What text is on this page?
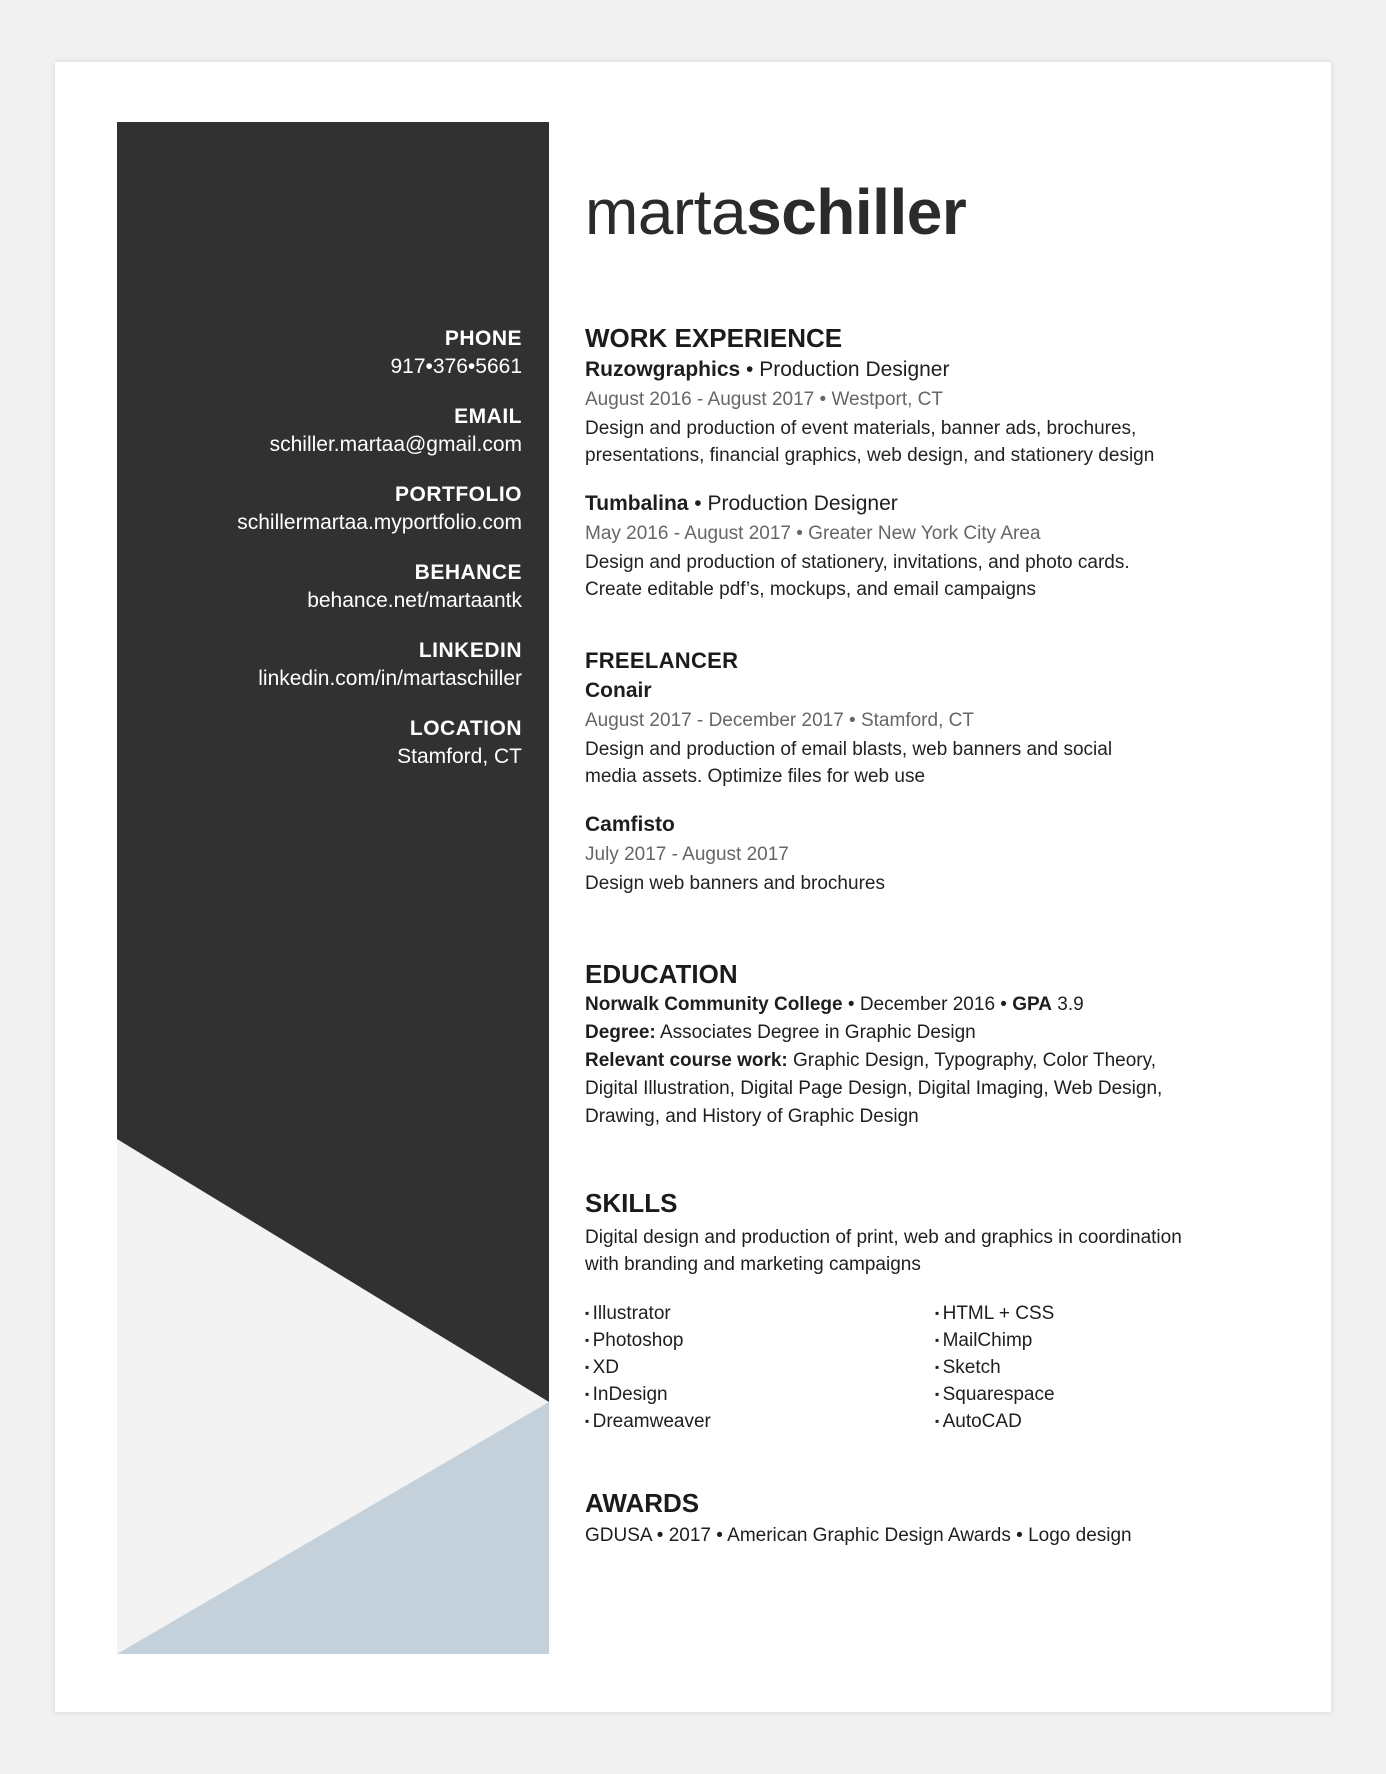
PHONE
917•376•5661
EMAIL
schiller.martaa@gmail.com
PORTFOLIO
schillermartaa.myportfolio.com
BEHANCE
behance.net/martaantk
LINKEDIN
linkedin.com/in/martaschiller
LOCATION
Stamford, CT
martaschiller
WORK EXPERIENCE
Ruzowgraphics • Production Designer
August 2016 - August 2017 • Westport, CT
Design and production of event materials, banner ads, brochures,
presentations, financial graphics, web design, and stationery design
Tumbalina • Production Designer
May 2016 - August 2017 • Greater New York City Area
Design and production of stationery, invitations, and photo cards.
Create editable pdf’s, mockups, and email campaigns
FREELANCER
Conair
August 2017 - December 2017 • Stamford, CT
Design and production of email blasts, web banners and social
media assets. Optimize files for web use
Camfisto
July 2017 - August 2017
Design web banners and brochures
EDUCATION
Norwalk Community College • December 2016 • GPA 3.9
Degree: Associates Degree in Graphic Design
Relevant course work: Graphic Design, Typography, Color Theory,
Digital Illustration, Digital Page Design, Digital Imaging, Web Design,
Drawing, and History of Graphic Design
SKILLS
Digital design and production of print, web and graphics in coordination
with branding and marketing campaigns
▪ Illustrator
▪ Photoshop
▪ XD
▪ InDesign
▪ Dreamweaver
▪ HTML + CSS
▪ MailChimp
▪ Sketch
▪ Squarespace
▪ AutoCAD
AWARDS
GDUSA • 2017 • American Graphic Design Awards • Logo design
